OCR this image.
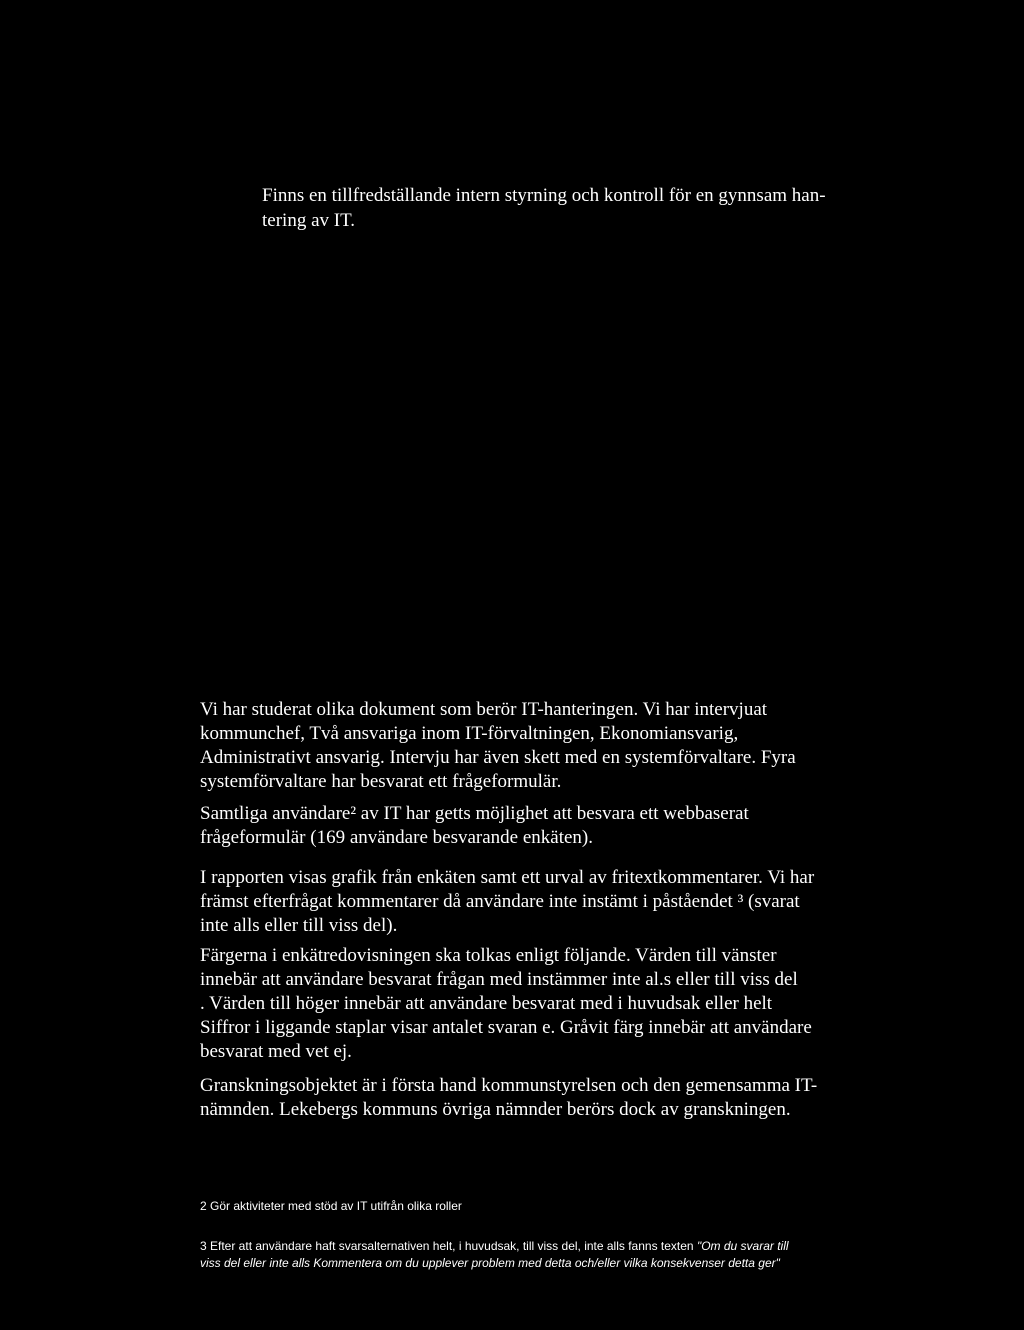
Finns en tillfredställande intern styrning och kontroll för en gynnsam han-
tering av IT.

Vi har studerat olika dokument som berör IT-hanteringen. Vi har intervjuat
kommunchef, Två ansvariga inom IT-förvaltningen, Ekonomiansvarig,
Administrativt ansvarig. Intervju har även skett med en systemförvaltare. Fyra
systemförvaltare har besvarat ett frågeformulär.

Samtliga användare² av IT har getts möjlighet att besvara ett webbaserat
frågeformulär (169 användare besvarande enkäten).

I rapporten visas grafik från enkäten samt ett urval av fritextkommentarer. Vi har
främst efterfrågat kommentarer då användare inte instämt i påståendet ³ (svarat
inte alls eller till viss del).

Färgerna i enkätredovisningen ska tolkas enligt följande. Värden till vänster
innebär att användare besvarat frågan med instämmer inte al.s eller till viss del
. Värden till höger innebär att användare besvarat med i huvudsak eller helt
Siffror i liggande staplar visar antalet svaran e. Gråvit färg innebär att användare
besvarat med vet ej.

Granskningsobjektet är i första hand kommunstyrelsen och den gemensamma IT-
nämnden. Lekebergs kommuns övriga nämnder berörs dock av granskningen.

2 Gör aktiviteter med stöd av IT utifrån olika roller

3 Efter att användare haft svarsalternativen helt, i huvudsak, till viss del, inte alls fanns texten "Om du svarar till
viss del eller inte alls Kommentera om du upplever problem med detta och/eller vilka konsekvenser detta ger"
